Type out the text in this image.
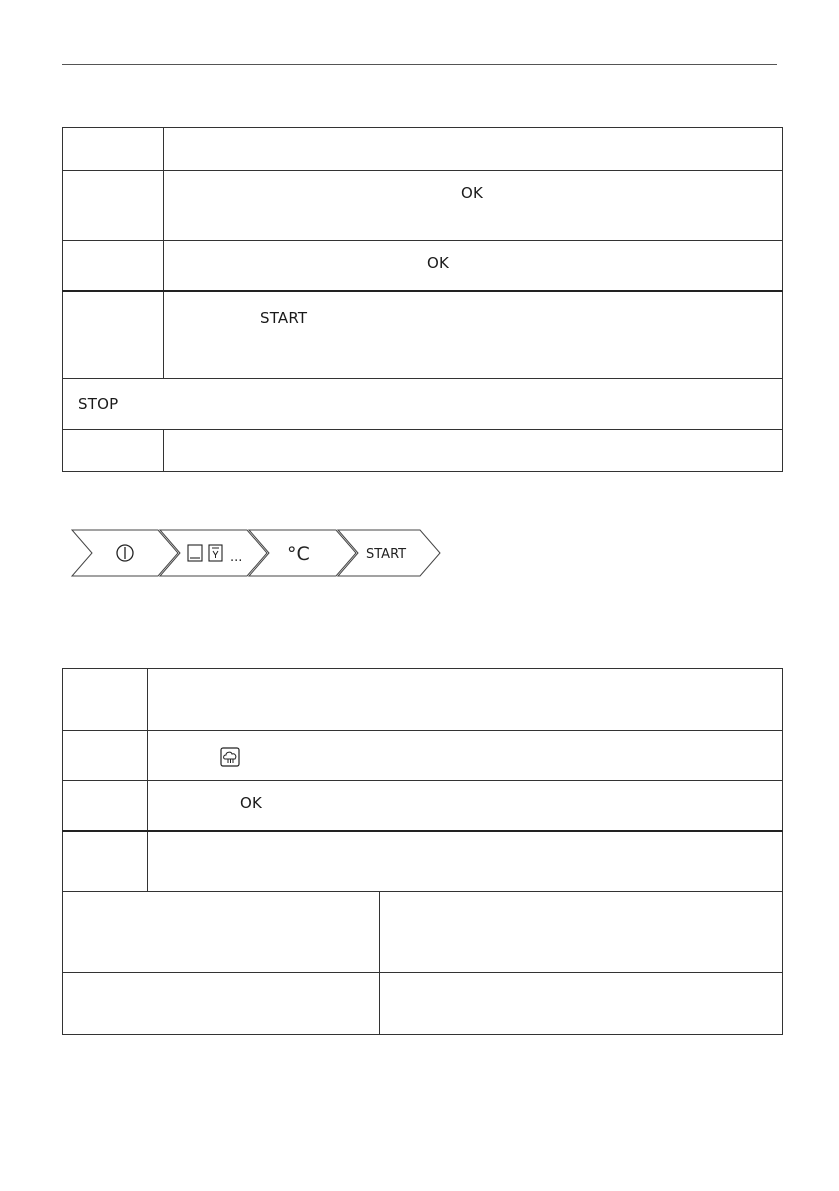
	OK

	OK

	START

STOP	

... °C	START

	OK	
